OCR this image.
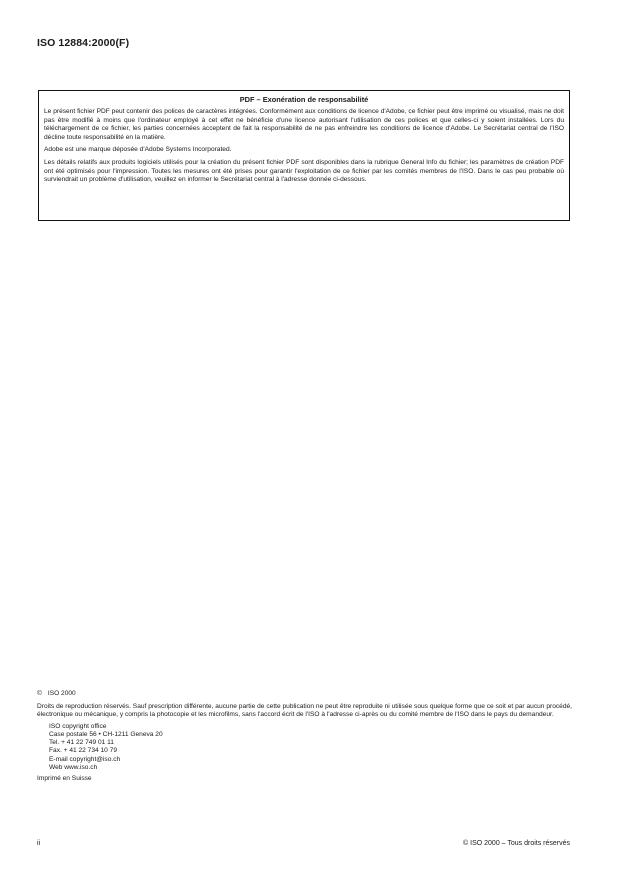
ISO 12884:2000(F)

PDF – Exonération de responsabilité

Le présent fichier PDF peut contenir des polices de caractères intégrées. Conformément aux conditions de licence d'Adobe, ce fichier peut être imprimé ou visualisé, mais ne doit pas être modifié à moins que l'ordinateur employé à cet effet ne bénéficie d'une licence autorisant l'utilisation de ces polices et que celles-ci y soient installées. Lors du téléchargement de ce fichier, les parties concernées acceptent de fait la responsabilité de ne pas enfreindre les conditions de licence d'Adobe. Le Secrétariat central de l'ISO décline toute responsabilité en la matière.

Adobe est une marque déposée d'Adobe Systems Incorporated.

Les détails relatifs aux produits logiciels utilisés pour la création du présent fichier PDF sont disponibles dans la rubrique General Info du fichier; les paramètres de création PDF ont été optimisés pour l'impression. Toutes les mesures ont été prises pour garantir l'exploitation de ce fichier par les comités membres de l'ISO. Dans le cas peu probable où surviendrait un problème d'utilisation, veuillez en informer le Secrétariat central à l'adresse donnée ci-dessous.

© ISO 2000

Droits de reproduction réservés. Sauf prescription différente, aucune partie de cette publication ne peut être reproduite ni utilisée sous quelque forme que ce soit et par aucun procédé, électronique ou mécanique, y compris la photocopie et les microfilms, sans l'accord écrit de l'ISO à l'adresse ci-après ou du comité membre de l'ISO dans le pays du demandeur.

ISO copyright office
Case postale 56 • CH-1211 Geneva 20
Tel. + 41 22 749 01 11
Fax. + 41 22 734 10 79
E-mail copyright@iso.ch
Web www.iso.ch

Imprimé en Suisse

ii	© ISO 2000 – Tous droits réservés
